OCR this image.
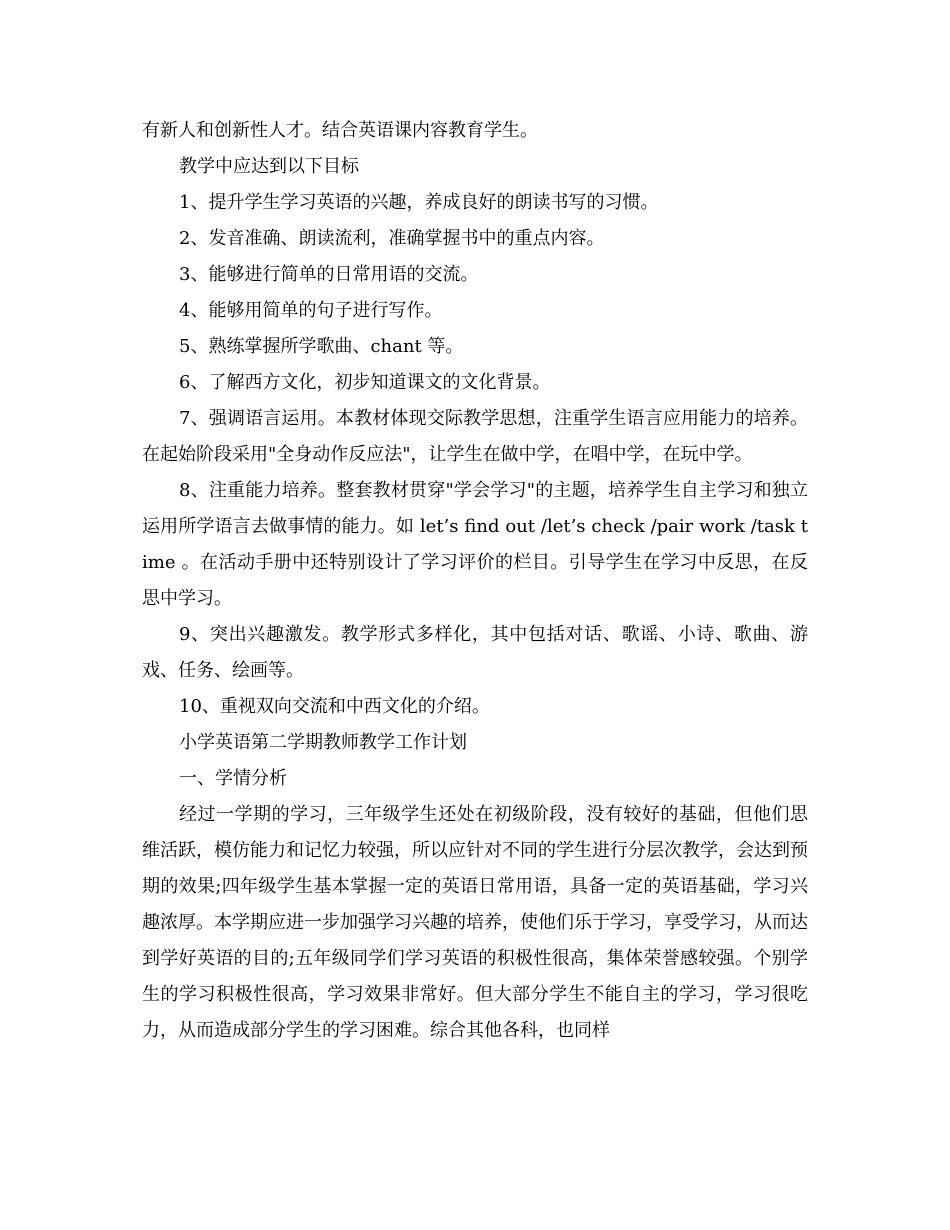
有新人和创新性人才。结合英语课内容教育学生。

教学中应达到以下目标

1、提升学生学习英语的兴趣，养成良好的朗读书写的习惯。

2、发音准确、朗读流利，准确掌握书中的重点内容。

3、能够进行简单的日常用语的交流。

4、能够用简单的句子进行写作。

5、熟练掌握所学歌曲、chant 等。

6、了解西方文化，初步知道课文的文化背景。

7、强调语言运用。本教材体现交际教学思想，注重学生语言应用能力的培养。在起始阶段采用"全身动作反应法"，让学生在做中学，在唱中学，在玩中学。

8、注重能力培养。整套教材贯穿"学会学习"的主题，培养学生自主学习和独立运用所学语言去做事情的能力。如 let’s find out /let’s check /pair work /task time 。在活动手册中还特别设计了学习评价的栏目。引导学生在学习中反思，在反思中学习。

9、突出兴趣激发。教学形式多样化，其中包括对话、歌谣、小诗、歌曲、游戏、任务、绘画等。

10、重视双向交流和中西文化的介绍。

小学英语第二学期教师教学工作计划

一、学情分析

经过一学期的学习，三年级学生还处在初级阶段，没有较好的基础，但他们思维活跃，模仿能力和记忆力较强，所以应针对不同的学生进行分层次教学，会达到预期的效果;四年级学生基本掌握一定的英语日常用语，具备一定的英语基础，学习兴趣浓厚。本学期应进一步加强学习兴趣的培养，使他们乐于学习，享受学习，从而达到学好英语的目的;五年级同学们学习英语的积极性很高，集体荣誉感较强。个别学生的学习积极性很高，学习效果非常好。但大部分学生不能自主的学习，学习很吃力，从而造成部分学生的学习困难。综合其他各科，也同样
